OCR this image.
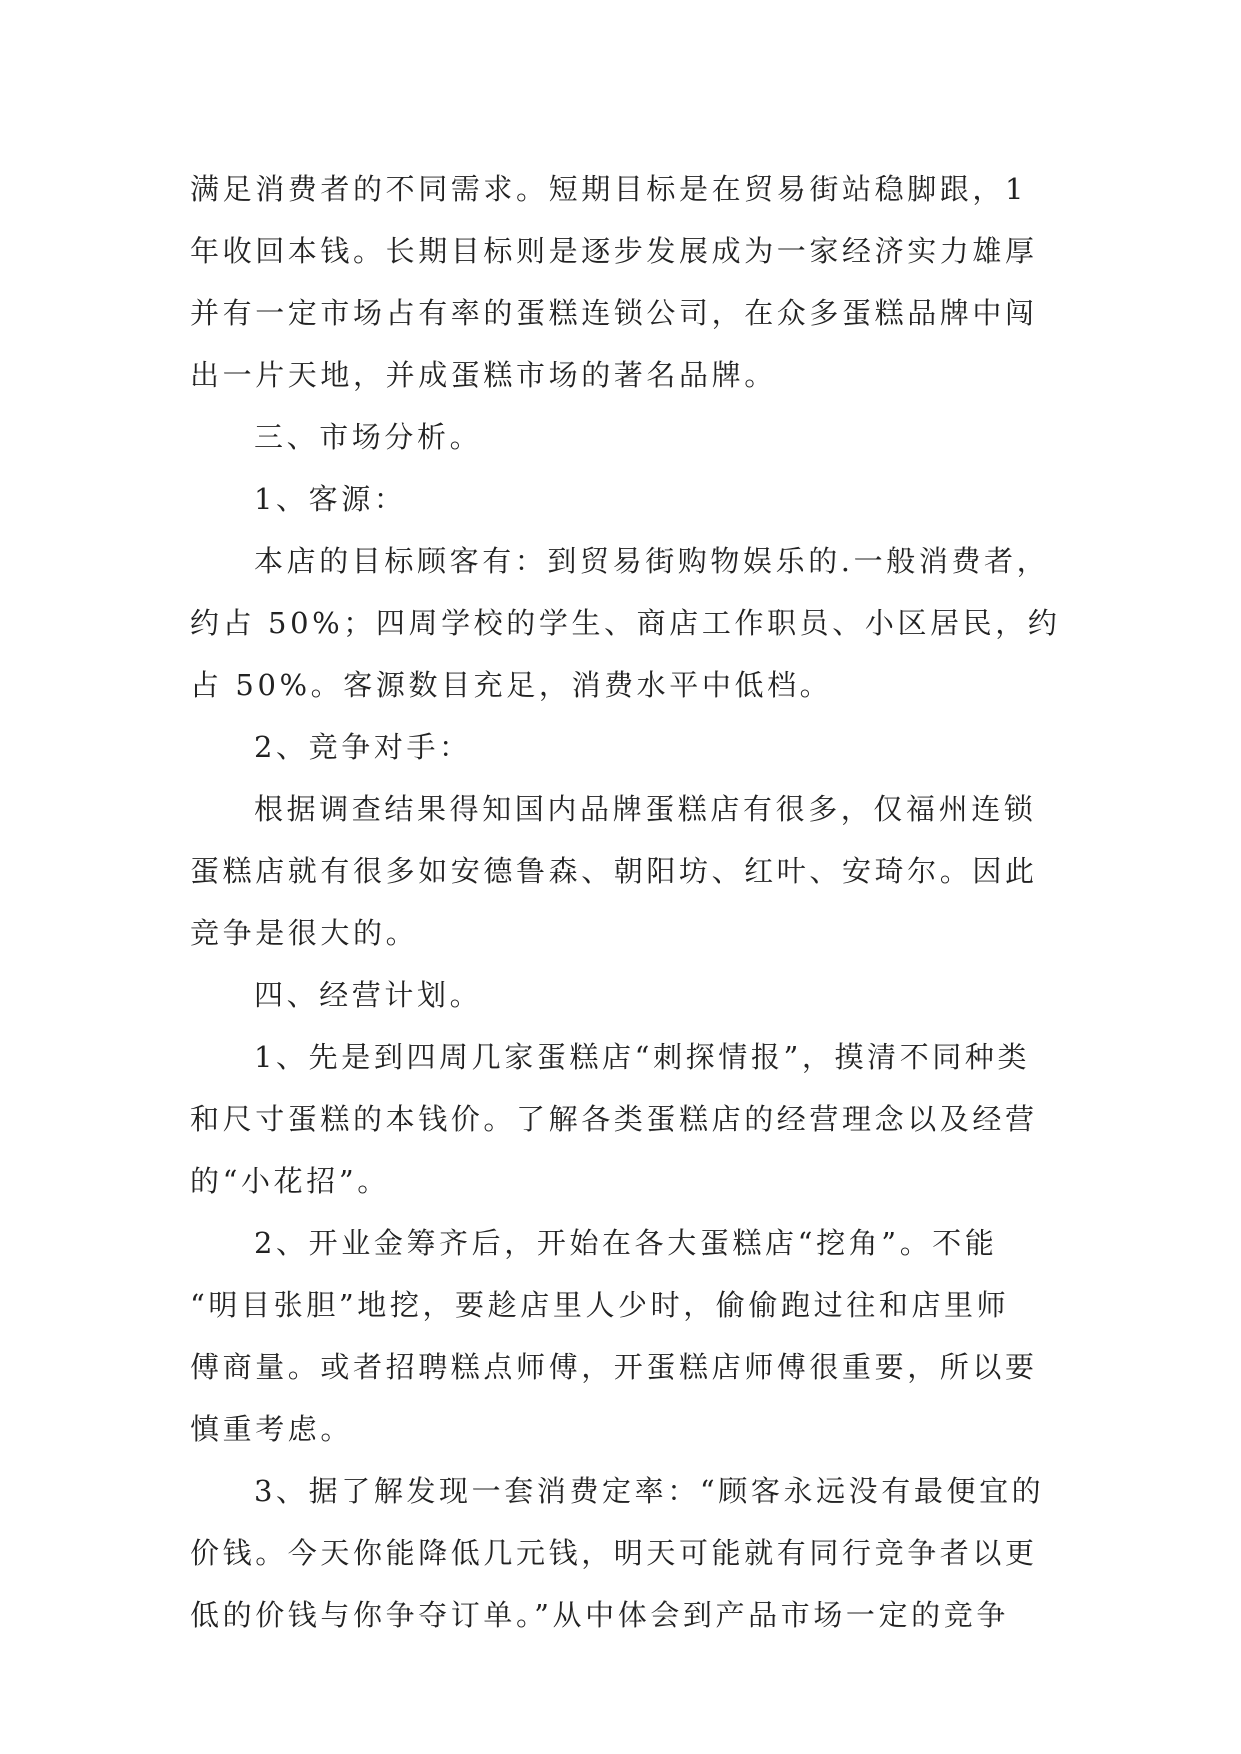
满足消费者的不同需求。短期目标是在贸易街站稳脚跟，1
年收回本钱。长期目标则是逐步发展成为一家经济实力雄厚
并有一定市场占有率的蛋糕连锁公司，在众多蛋糕品牌中闯
出一片天地，并成蛋糕市场的著名品牌。
三、市场分析。
1、客源：
本店的目标顾客有：到贸易街购物娱乐的.一般消费者，
约占 50%；四周学校的学生、商店工作职员、小区居民，约
占 50%。客源数目充足，消费水平中低档。
2、竞争对手：
根据调查结果得知国内品牌蛋糕店有很多，仅福州连锁
蛋糕店就有很多如安德鲁森、朝阳坊、红叶、安琦尔。因此
竞争是很大的。
四、经营计划。
1、先是到四周几家蛋糕店“刺探情报”，摸清不同种类
和尺寸蛋糕的本钱价。了解各类蛋糕店的经营理念以及经营
的“小花招”。
2、开业金筹齐后，开始在各大蛋糕店“挖角”。不能
“明目张胆”地挖，要趁店里人少时，偷偷跑过往和店里师
傅商量。或者招聘糕点师傅，开蛋糕店师傅很重要，所以要
慎重考虑。
3、据了解发现一套消费定率：“顾客永远没有最便宜的
价钱。今天你能降低几元钱，明天可能就有同行竞争者以更
低的价钱与你争夺订单。”从中体会到产品市场一定的竞争
